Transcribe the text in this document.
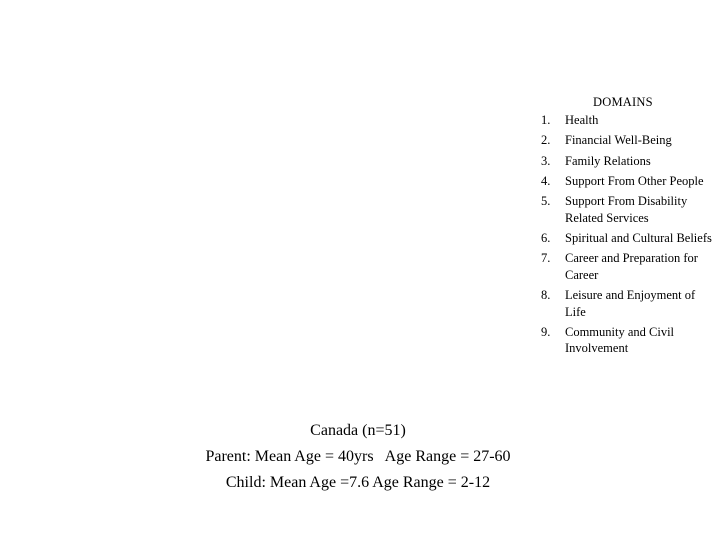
DOMAINS
1.	Health
2.	Financial Well-Being
3.	Family Relations
4.	Support From Other People
5.	Support From Disability Related Services
6.	Spiritual and Cultural Beliefs
7.	Career and Preparation for Career
8.	Leisure and Enjoyment of Life
9.	Community and Civil Involvement
Canada (n=51)
Parent: Mean Age = 40yrs   Age Range = 27-60
Child: Mean Age =7.6 Age Range = 2-12
